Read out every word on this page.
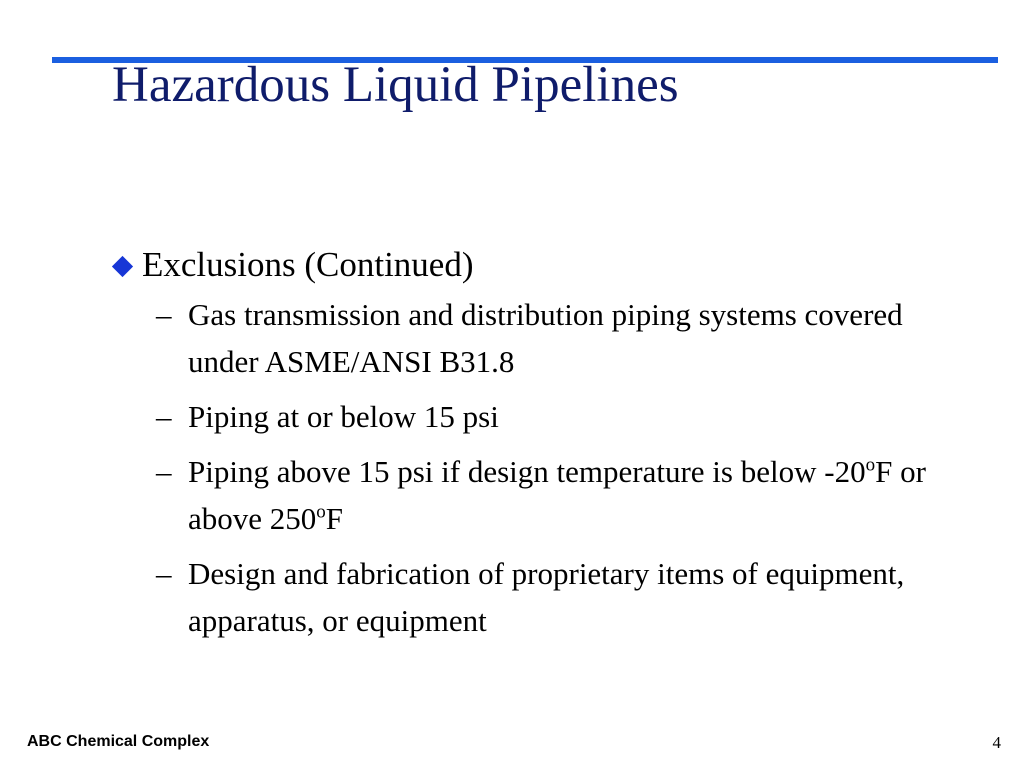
Hazardous Liquid Pipelines
Exclusions (Continued)
– Gas transmission and distribution piping systems covered under ASME/ANSI B31.8
– Piping at or below 15 psi
– Piping above 15 psi if design temperature is below -20$^o$F or above 250$^o$F
– Design and fabrication of proprietary items of equipment, apparatus, or equipment
ABC Chemical Complex	4
